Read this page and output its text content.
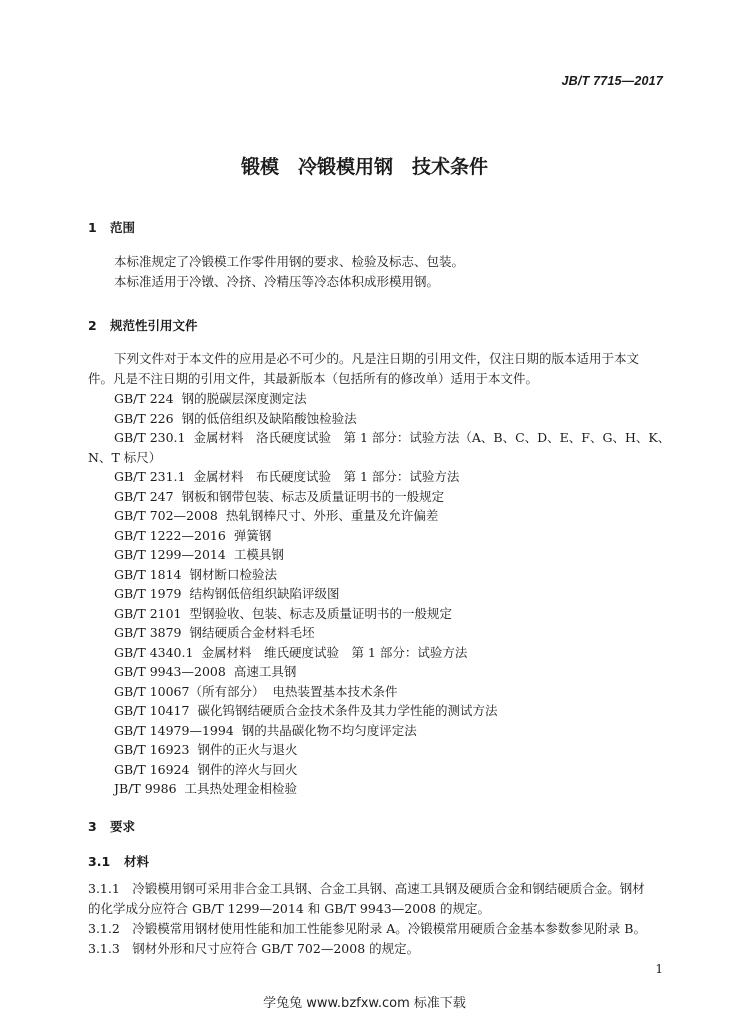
JB/T 7715—2017
锻模　冷锻模用钢　技术条件
1 范围
本标准规定了冷锻模工作零件用钢的要求、检验及标志、包装。
本标准适用于冷镦、冷挤、冷精压等冷态体积成形模用钢。
2 规范性引用文件
下列文件对于本文件的应用是必不可少的。凡是注日期的引用文件，仅注日期的版本适用于本文
件。凡是不注日期的引用文件，其最新版本（包括所有的修改单）适用于本文件。
GB/T 224 钢的脱碳层深度测定法
GB/T 226 钢的低倍组织及缺陷酸蚀检验法
GB/T 230.1 金属材料　洛氏硬度试验　第 1 部分：试验方法（A、B、C、D、E、F、G、H、K、
N、T 标尺）
GB/T 231.1 金属材料　布氏硬度试验　第 1 部分：试验方法
GB/T 247 钢板和钢带包装、标志及质量证明书的一般规定
GB/T 702—2008 热轧钢棒尺寸、外形、重量及允许偏差
GB/T 1222—2016 弹簧钢
GB/T 1299—2014 工模具钢
GB/T 1814 钢材断口检验法
GB/T 1979 结构钢低倍组织缺陷评级图
GB/T 2101 型钢验收、包装、标志及质量证明书的一般规定
GB/T 3879 钢结硬质合金材料毛坯
GB/T 4340.1 金属材料　维氏硬度试验　第 1 部分：试验方法
GB/T 9943—2008 高速工具钢
GB/T 10067（所有部分） 电热装置基本技术条件
GB/T 10417 碳化钨钢结硬质合金技术条件及其力学性能的测试方法
GB/T 14979—1994 钢的共晶碳化物不均匀度评定法
GB/T 16923 钢件的正火与退火
GB/T 16924 钢件的淬火与回火
JB/T 9986 工具热处理金相检验
3 要求
3.1 材料
3.1.1　冷锻模用钢可采用非合金工具钢、合金工具钢、高速工具钢及硬质合金和钢结硬质合金。钢材
的化学成分应符合 GB/T 1299—2014 和 GB/T 9943—2008 的规定。
3.1.2　冷锻模常用钢材使用性能和加工性能参见附录 A。冷锻模常用硬质合金基本参数参见附录 B。
3.1.3　钢材外形和尺寸应符合 GB/T 702—2008 的规定。
1
学兔兔 www.bzfxw.com 标准下载
